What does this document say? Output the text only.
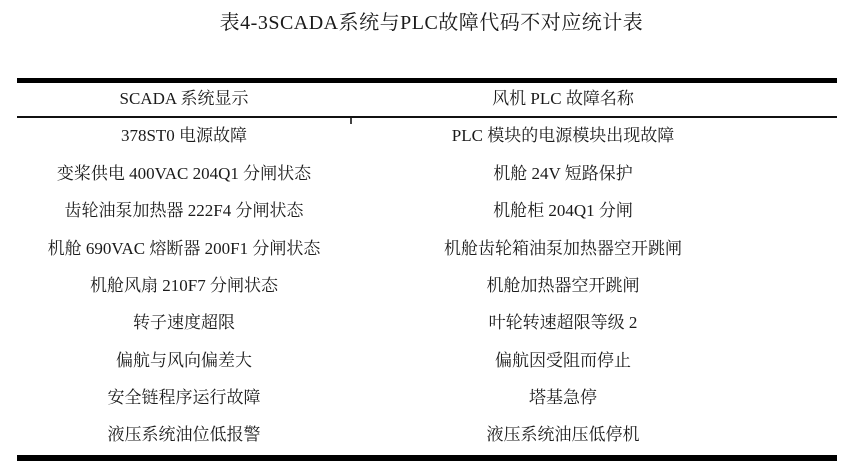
表4-3SCADA系统与PLC故障代码不对应统计表
SCADA 系统显示	风机 PLC 故障名称
378ST0 电源故障	PLC 模块的电源模块出现故障
变桨供电 400VAC 204Q1 分闸状态	机舱 24V 短路保护
齿轮油泵加热器 222F4 分闸状态	机舱柜 204Q1 分闸
机舱 690VAC 熔断器 200F1 分闸状态	机舱齿轮箱油泵加热器空开跳闸
机舱风扇 210F7 分闸状态	机舱加热器空开跳闸
转子速度超限	叶轮转速超限等级 2
偏航与风向偏差大	偏航因受阻而停止
安全链程序运行故障	塔基急停
液压系统油位低报警	液压系统油压低停机
